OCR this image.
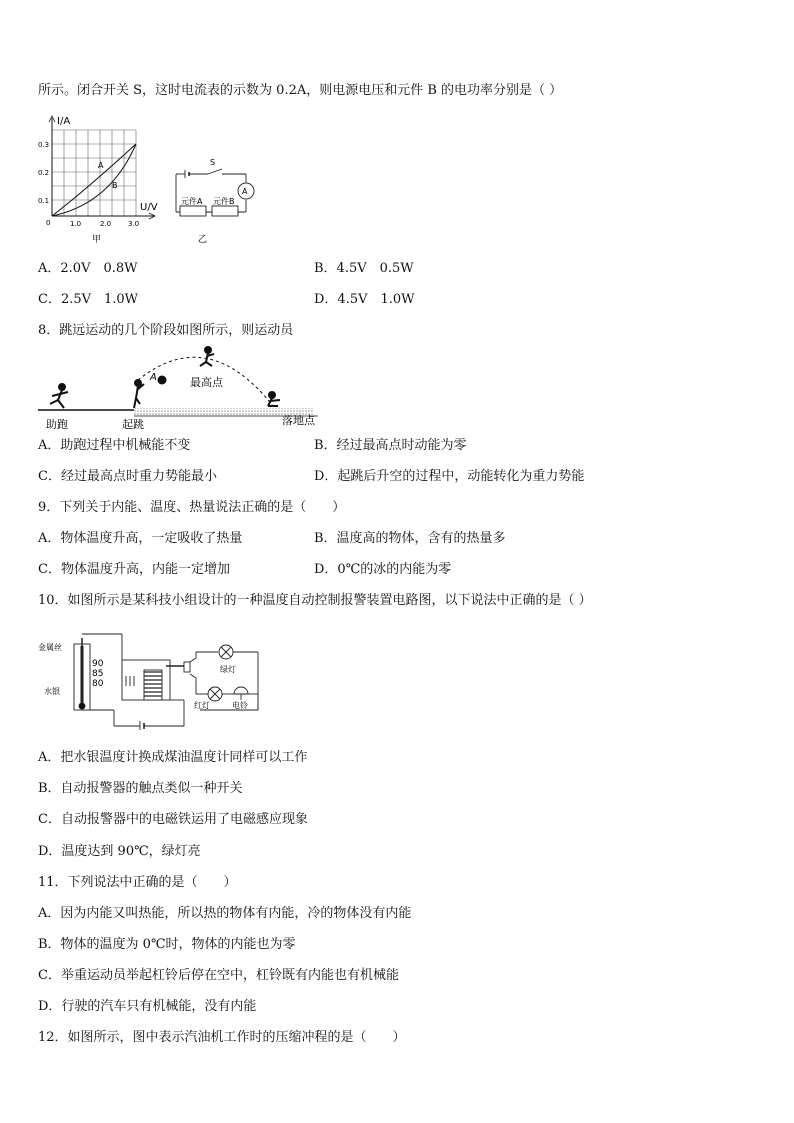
所示。闭合开关 S，这时电流表的示数为 0.2A，则电源电压和元件 B 的电功率分别是（ ）
I/A
0.3
0.2
0.1
0	1.0	2.0 3.0
U/V
A
B
甲
S
A
元件A 元件B
乙
A．2.0V　0.8W	B．4.5V　0.5W
C．2.5V　1.0W	D．4.5V　1.0W
8．跳远运动的几个阶段如图所示，则运动员
A	最高点
助跑	起跳	落地点
A．助跑过程中机械能不变	B．经过最高点时动能为零
C．经过最高点时重力势能最小	D．起跳后升空的过程中，动能转化为重力势能
9．下列关于内能、温度、热量说法正确的是（　　）
A．物体温度升高，一定吸收了热量	B．温度高的物体，含有的热量多
C．物体温度升高，内能一定增加	D．0℃的冰的内能为零
10．如图所示是某科技小组设计的一种温度自动控制报警装置电路图，以下说法中正确的是（ ）
金属丝
水银
90
85
80
绿灯
红灯	电铃
A．把水银温度计换成煤油温度计同样可以工作
B．自动报警器的触点类似一种开关
C．自动报警器中的电磁铁运用了电磁感应现象
D．温度达到 90℃，绿灯亮
11．下列说法中正确的是（　　）
A．因为内能又叫热能，所以热的物体有内能，冷的物体没有内能
B．物体的温度为 0℃时，物体的内能也为零
C．举重运动员举起杠铃后停在空中，杠铃既有内能也有机械能
D．行驶的汽车只有机械能，没有内能
12．如图所示，图中表示汽油机工作时的压缩冲程的是（　　）
